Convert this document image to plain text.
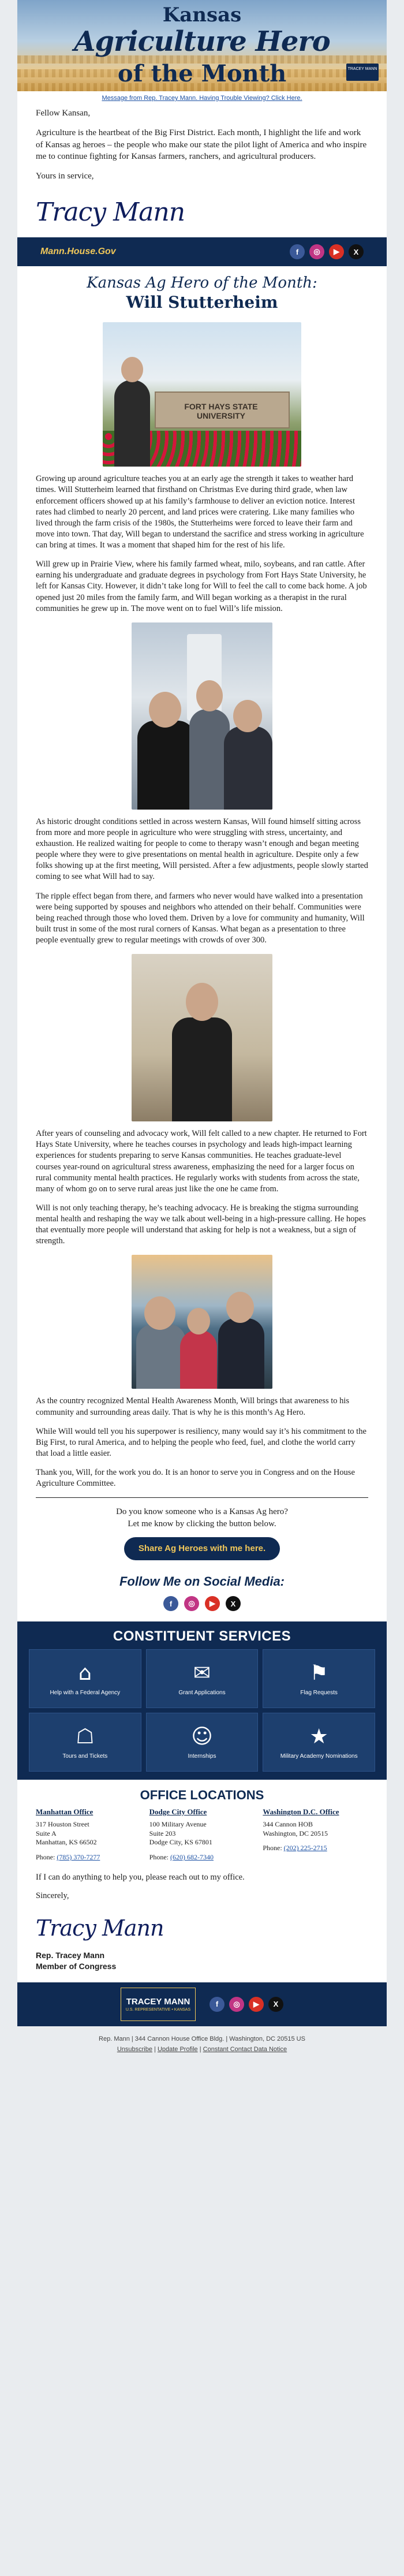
Kansas
Agriculture Hero
of the Month	TRACEY MANN
Message from Rep. Tracey Mann. Having Trouble Viewing? Click Here.

Fellow Kansan,

Agriculture is the heartbeat of the Big First District. Each month, I highlight the life and work of Kansas ag heroes – the people who make our state the pilot light of America and who inspire me to continue fighting for Kansas farmers, ranchers, and agricultural producers.

Yours in service,

Tracy Mann
Mann.House.Gov	f	◎	▶	X
Kansas Ag Hero of the Month:
Will Stutterheim
FORT HAYS STATE UNIVERSITY

Growing up around agriculture teaches you at an early age the strength it takes to weather hard times. Will Stutterheim learned that firsthand on Christmas Eve during third grade, when law enforcement officers showed up at his family’s farmhouse to deliver an eviction notice. Interest rates had climbed to nearly 20 percent, and land prices were cratering. Like many families who lived through the farm crisis of the 1980s, the Stutterheims were forced to leave their farm and move into town. That day, Will began to understand the sacrifice and stress working in agriculture can bring at times. It was a moment that shaped him for the rest of his life.

Will grew up in Prairie View, where his family farmed wheat, milo, soybeans, and ran cattle. After earning his undergraduate and graduate degrees in psychology from Fort Hays State University, he left for Kansas City. However, it didn’t take long for Will to feel the call to come back home. A job opened just 20 miles from the family farm, and Will began working as a therapist in the rural communities he grew up in. The move went on to fuel Will’s life mission.

As historic drought conditions settled in across western Kansas, Will found himself sitting across from more and more people in agriculture who were struggling with stress, uncertainty, and exhaustion. He realized waiting for people to come to therapy wasn’t enough and began meeting people where they were to give presentations on mental health in agriculture. Despite only a few folks showing up at the first meeting, Will persisted. After a few adjustments, people slowly started coming to see what Will had to say.

The ripple effect began from there, and farmers who never would have walked into a presentation were being supported by spouses and neighbors who attended on their behalf. Communities were being reached through those who loved them. Driven by a love for community and humanity, Will built trust in some of the most rural corners of Kansas. What began as a presentation to three people eventually grew to regular meetings with crowds of over 300.

After years of counseling and advocacy work, Will felt called to a new chapter. He returned to Fort Hays State University, where he teaches courses in psychology and leads high-impact learning experiences for students preparing to serve Kansas communities. He teaches graduate-level courses year-round on agricultural stress awareness, emphasizing the need for a larger focus on rural community mental health practices. He regularly works with students from across the state, many of whom go on to serve rural areas just like the one he came from.

Will is not only teaching therapy, he’s teaching advocacy. He is breaking the stigma surrounding mental health and reshaping the way we talk about well-being in a high-pressure calling. He hopes that eventually more people will understand that asking for help is not a weakness, but a sign of strength.

As the country recognized Mental Health Awareness Month, Will brings that awareness to his community and surrounding areas daily. That is why he is this month’s Ag Hero.

While Will would tell you his superpower is resiliency, many would say it’s his commitment to the Big First, to rural America, and to helping the people who feed, fuel, and clothe the world carry that load a little easier.

Thank you, Will, for the work you do. It is an honor to serve you in Congress and on the House Agriculture Committee.

Do you know someone who is a Kansas Ag hero?
Let me know by clicking the button below.
Share Ag Heroes with me here.
Follow Me on Social Media:
f	◎	▶	X
CONSTITUENT SERVICES
⌂
Help with a Federal Agency
✉
Grant Applications
⚑
Flag Requests
☖
Tours and Tickets
☺
Internships
★
Military Academy Nominations
OFFICE LOCATIONS
Manhattan Office
317 Houston Street
Suite A
Manhattan, KS 66502
Phone: (785) 370-7277
Dodge City Office
100 Military Avenue
Suite 203
Dodge City, KS 67801
Phone: (620) 682-7340
Washington D.C. Office
344 Cannon HOB
Washington, DC 20515
Phone: (202) 225-2715

If I can do anything to help you, please reach out to my office.

Sincerely,

Tracy Mann
Rep. Tracey Mann
Member of Congress
TRACEY MANN
U.S. REPRESENTATIVE • KANSAS
f	◎	▶	X
Rep. Mann | 344 Cannon House Office Bldg. | Washington, DC 20515 US
Unsubscribe | Update Profile | Constant Contact Data Notice
